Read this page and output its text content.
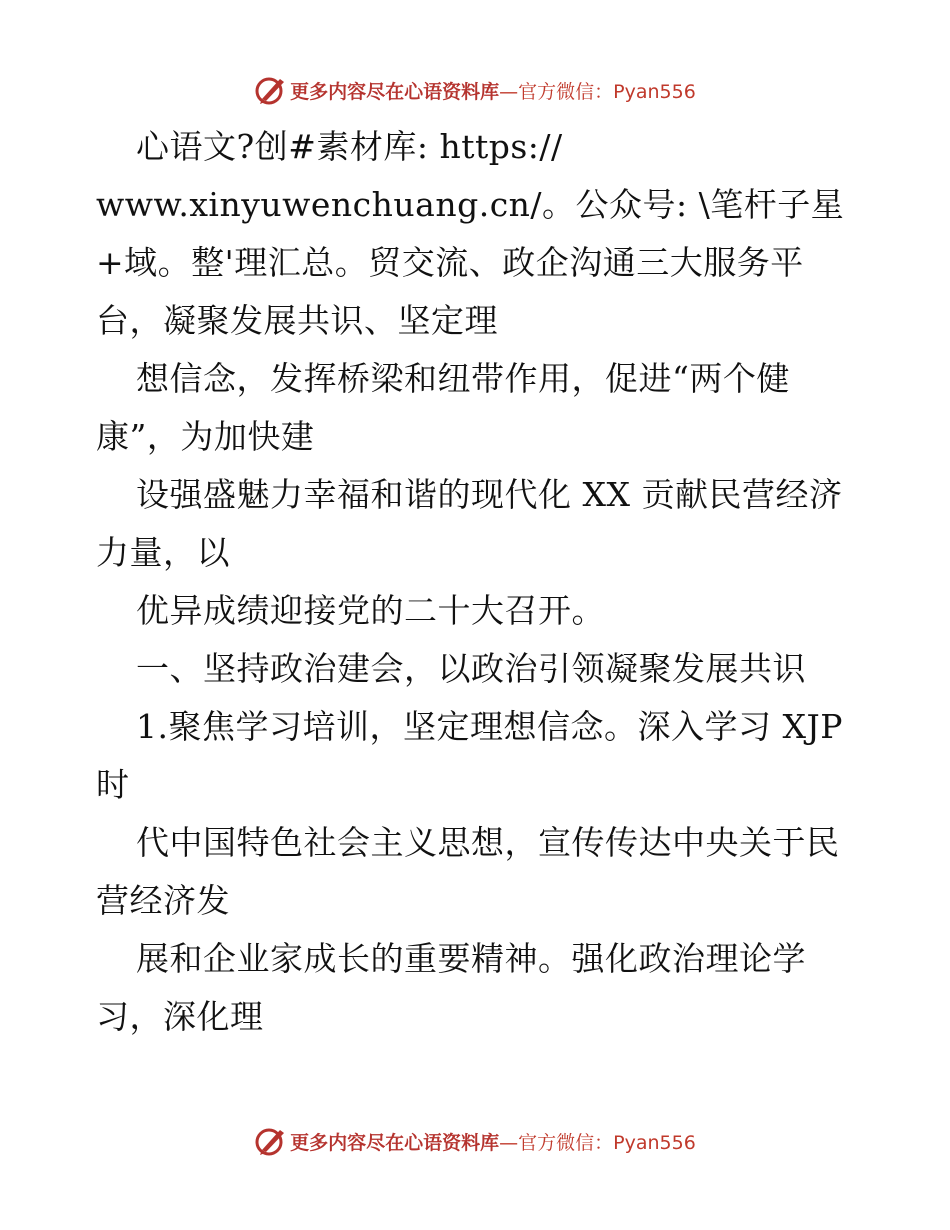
更多内容尽在心语资料库—官方微信：Pyan556
心语文?创#素材库: https://
www.xinyuwenchuang.cn/。公众号: \笔杆子星
+域。整'理汇总。贸交流、政企沟通三大服务平
台，凝聚发展共识、坚定理
想信念，发挥桥梁和纽带作用，促进“两个健
康”，为加快建
设强盛魅力幸福和谐的现代化 XX 贡献民营经济
力量，以
优异成绩迎接党的二十大召开。
一、坚持政治建会，以政治引领凝聚发展共识
1.聚焦学习培训，坚定理想信念。深入学习 XJP
时
代中国特色社会主义思想，宣传传达中央关于民
营经济发
展和企业家成长的重要精神。强化政治理论学
习，深化理
更多内容尽在心语资料库—官方微信：Pyan556
